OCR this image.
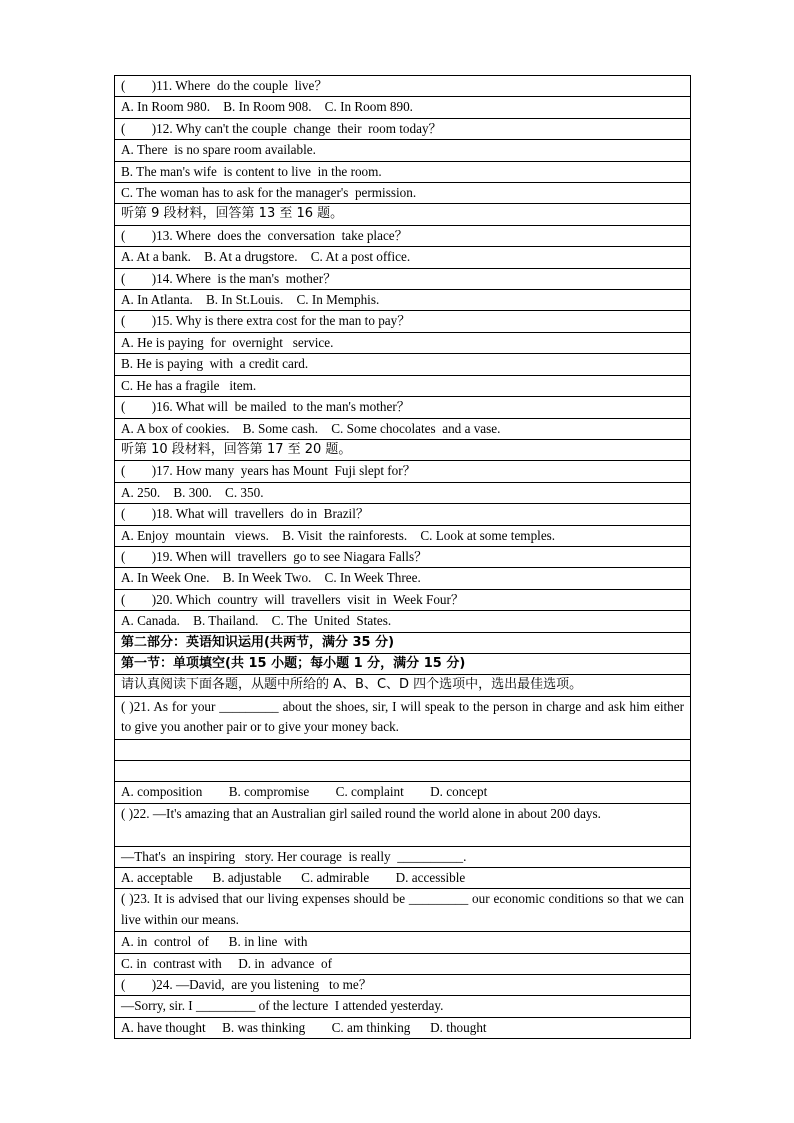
(        )11. Where  do the couple  live？
A. In Room 980.    B. In Room 908.    C. In Room 890.
(        )12. Why can't the couple  change  their  room today？
A. There  is no spare room available.
B. The man's wife  is content to live  in the room.
C. The woman has to ask for the manager's  permission.
听第 9 段材料，回答第 13 至 16 题。
(        )13. Where  does the  conversation  take place？
A. At a bank.    B. At a drugstore.    C. At a post office.
(        )14. Where  is the man's  mother？
A. In Atlanta.    B. In St.Louis.    C. In Memphis.
(        )15. Why is there extra cost for the man to pay？
A. He is paying  for  overnight   service.
B. He is paying  with  a credit card.
C. He has a fragile   item.
(        )16. What will  be mailed  to the man's mother？
A. A box of cookies.    B. Some cash.    C. Some chocolates  and a vase.
听第 10 段材料，回答第 17 至 20 题。
(        )17. How many  years has Mount  Fuji slept for？
A. 250.    B. 300.    C. 350.
(        )18. What will  travellers  do in  Brazil？
A. Enjoy  mountain   views.    B. Visit  the rainforests.    C. Look at some temples.
(        )19. When will  travellers  go to see Niagara Falls？
A. In Week One.    B. In Week Two.    C. In Week Three.
(        )20. Which  country  will  travellers  visit  in  Week Four？
A. Canada.    B. Thailand.    C. The  United  States.
第二部分：英语知识运用(共两节，满分 35 分)
第一节：单项填空(共 15 小题；每小题 1 分，满分 15 分)
请认真阅读下面各题，从题中所给的 A、B、C、D 四个选项中，选出最佳选项。
( )21. As for your _________ about the shoes, sir, I will speak to the person in charge and ask him either to give you another pair or to give your money back.
A. composition        B. compromise        C. complaint        D. concept
( )22. —It's amazing that an Australian girl sailed round the world alone in about 200 days.
—That's  an inspiring   story. Her courage  is really  __________.
A. acceptable      B. adjustable      C. admirable        D. accessible
( )23. It is advised that our living expenses should be _________ our economic conditions so that we can live within our means.
A. in  control  of      B. in line  with
C. in  contrast with     D. in  advance  of
(        )24. —David,  are you listening   to me？
—Sorry, sir. I _________ of the lecture  I attended yesterday.
A. have thought     B. was thinking        C. am thinking      D. thought
